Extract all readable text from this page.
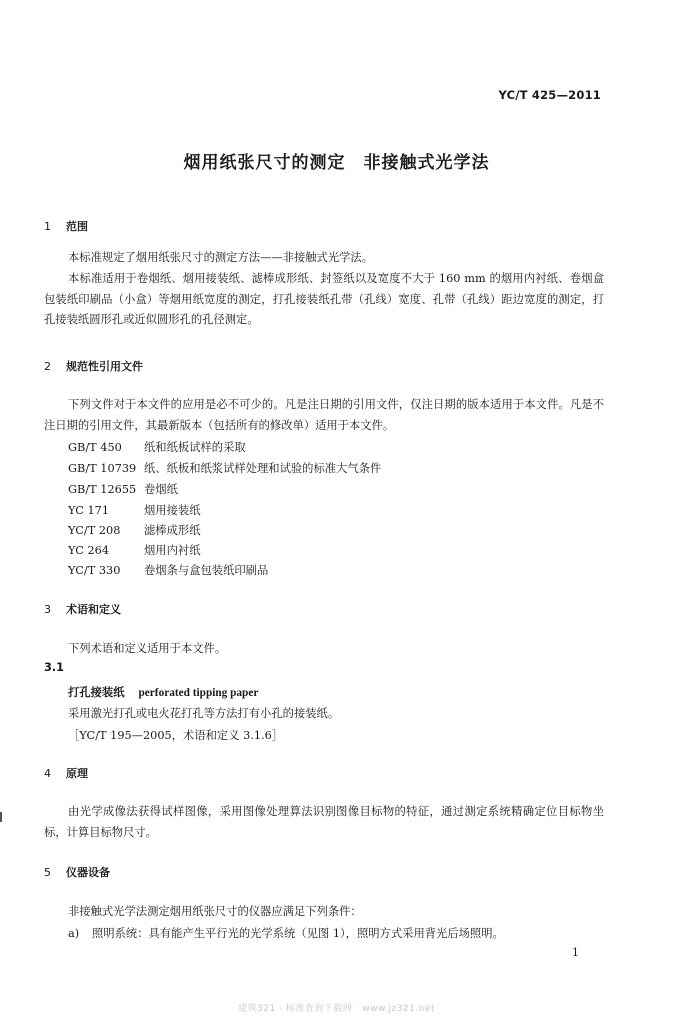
YC/T 425—2011
烟用纸张尺寸的测定 非接触式光学法
1 范围
本标准规定了烟用纸张尺寸的测定方法——非接触式光学法。
本标准适用于卷烟纸、烟用接装纸、滤棒成形纸、封签纸以及宽度不大于 160 mm 的烟用内衬纸、卷烟盒包装纸印刷品（小盒）等烟用纸宽度的测定，打孔接装纸孔带（孔线）宽度、孔带（孔线）距边宽度的测定，打孔接装纸圆形孔或近似圆形孔的孔径测定。
2 规范性引用文件
下列文件对于本文件的应用是必不可少的。凡是注日期的引用文件，仅注日期的版本适用于本文件。凡是不注日期的引用文件，其最新版本（包括所有的修改单）适用于本文件。
GB/T 450 纸和纸板试样的采取
GB/T 10739 纸、纸板和纸浆试样处理和试验的标准大气条件
GB/T 12655 卷烟纸
YC 171	烟用接装纸
YC/T 208 滤棒成形纸
YC 264	烟用内衬纸
YC/T 330 卷烟条与盒包装纸印刷品
3 术语和定义
下列术语和定义适用于本文件。
3.1
打孔接装纸 perforated tipping paper
采用激光打孔或电火花打孔等方法打有小孔的接装纸。
［YC/T 195—2005，术语和定义 3.1.6］
4 原理
由光学成像法获得试样图像，采用图像处理算法识别图像目标物的特征，通过测定系统精确定位目标物坐标，计算目标物尺寸。
5 仪器设备
非接触式光学法测定烟用纸张尺寸的仪器应满足下列条件：
a) 照明系统：具有能产生平行光的光学系统（见图 1），照明方式采用背光后场照明。
1
建筑321 · 标准查询下载网 · www.jz321.net
